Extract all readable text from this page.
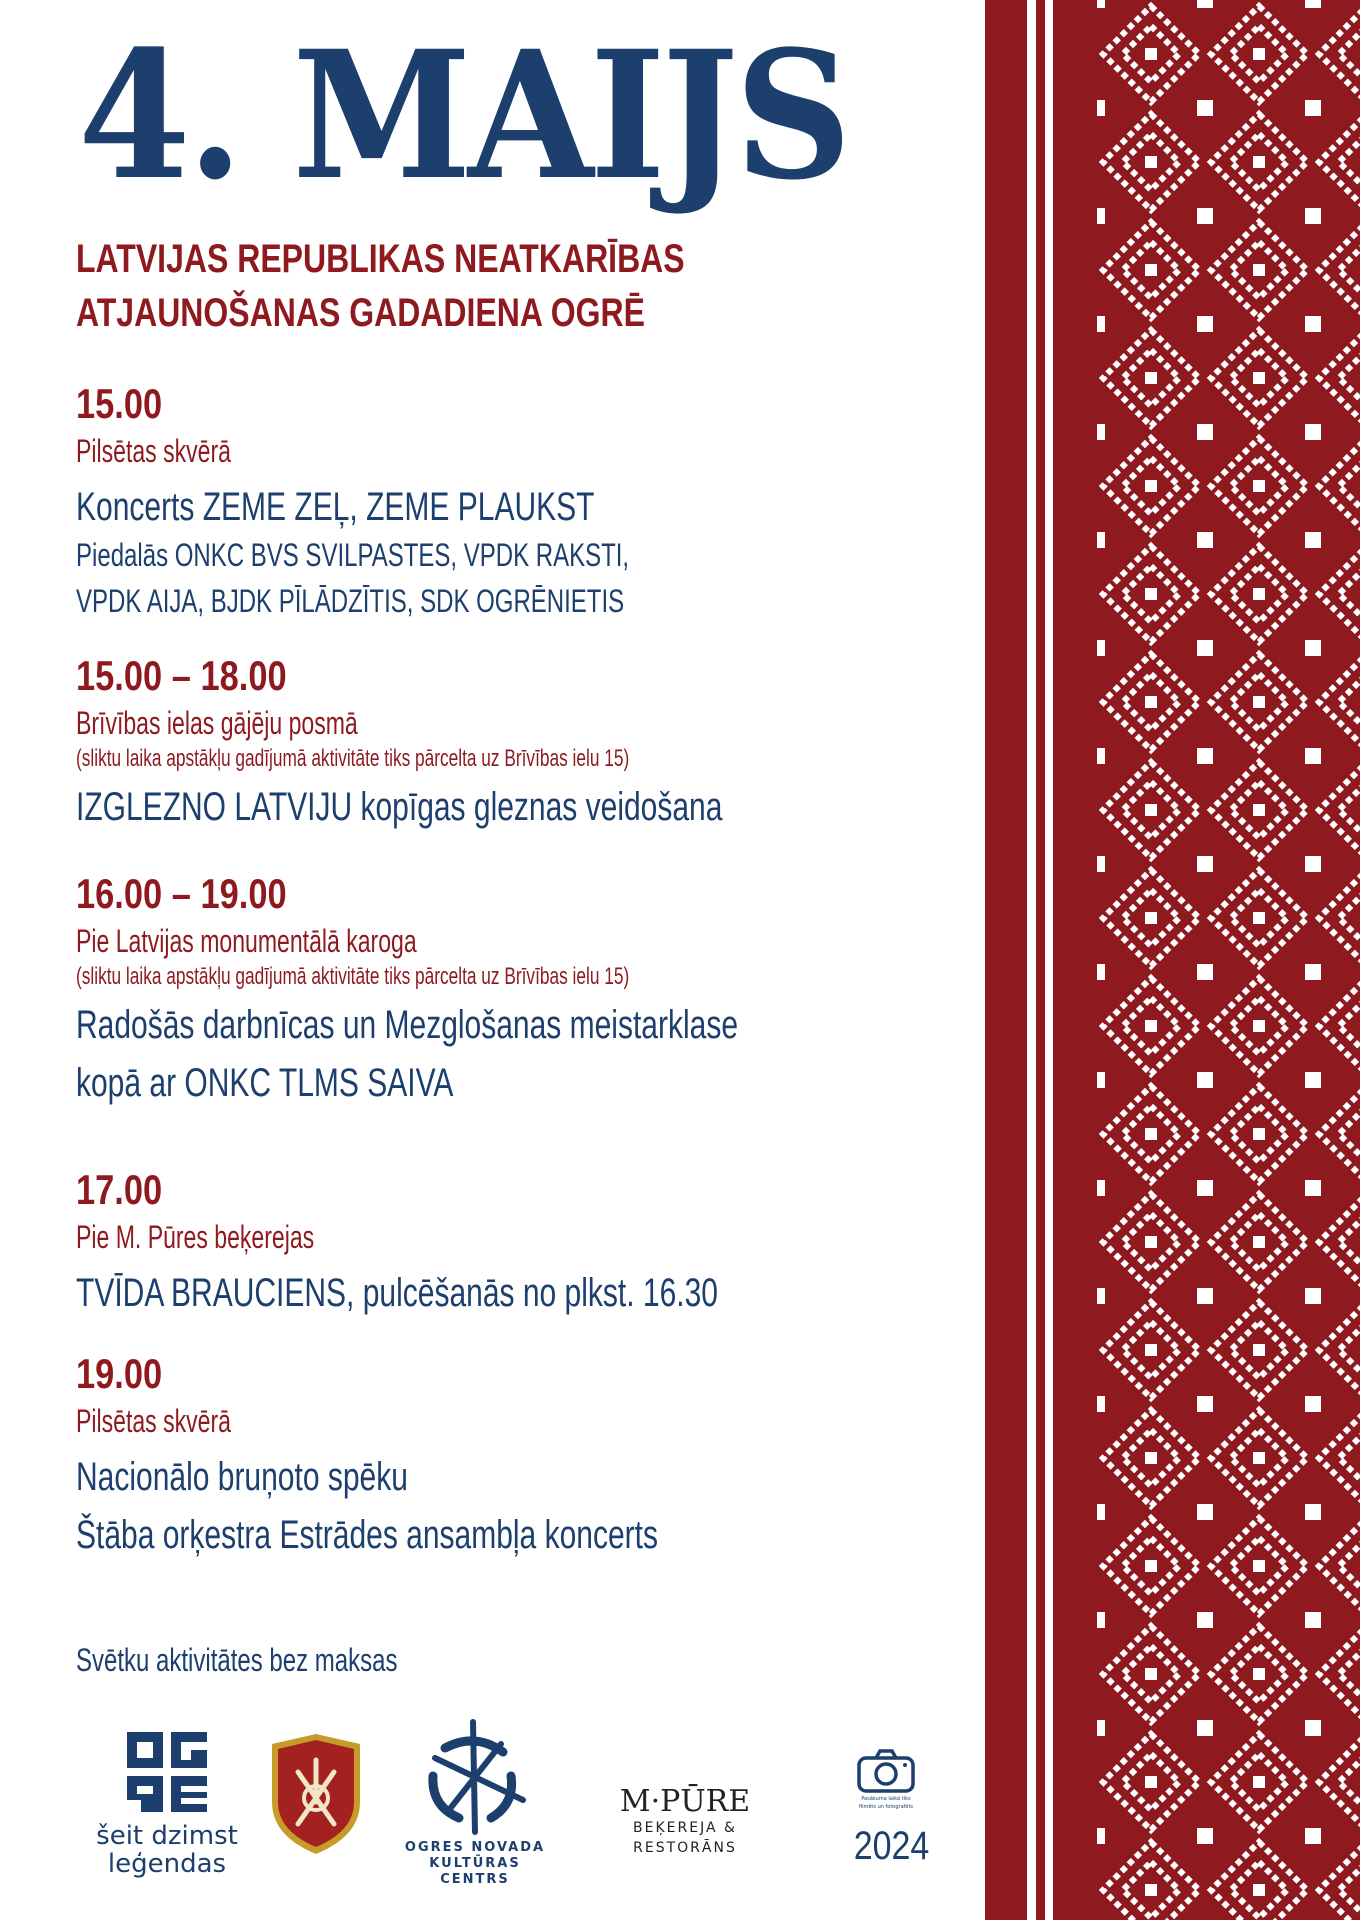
4. MAIJS
LATVIJAS REPUBLIKAS NEATKARĪBAS
ATJAUNOŠANAS GADADIENA OGRĒ
15.00
Pilsētas skvērā
Koncerts ZEME ZEĻ, ZEME PLAUKST
Piedalās ONKC BVS SVILPASTES, VPDK RAKSTI,
VPDK AIJA, BJDK PĪLĀDZĪTIS, SDK OGRĒNIETIS
15.00 – 18.00
Brīvības ielas gājēju posmā
(sliktu laika apstākļu gadījumā aktivitāte tiks pārcelta uz Brīvības ielu 15)
IZGLEZNO LATVIJU kopīgas gleznas veidošana
16.00 – 19.00
Pie Latvijas monumentālā karoga
(sliktu laika apstākļu gadījumā aktivitāte tiks pārcelta uz Brīvības ielu 15)
Radošās darbnīcas un Mezglošanas meistarklase
kopā ar ONKC TLMS SAIVA
17.00
Pie M. Pūres beķerejas
TVĪDA BRAUCIENS, pulcēšanās no plkst. 16.30
19.00
Pilsētas skvērā
Nacionālo bruņoto spēku
Štāba orķestra Estrādes ansambļa koncerts
Svētku aktivitātes bez maksas
šeit dzimst
leģendas
OGRES NOVADA
KULTŪRAS CENTRS
M·PŪRE
BEĶEREJA & RESTORĀNS
Pasākuma laikā tiks
filmēts un fotografēts
2024
